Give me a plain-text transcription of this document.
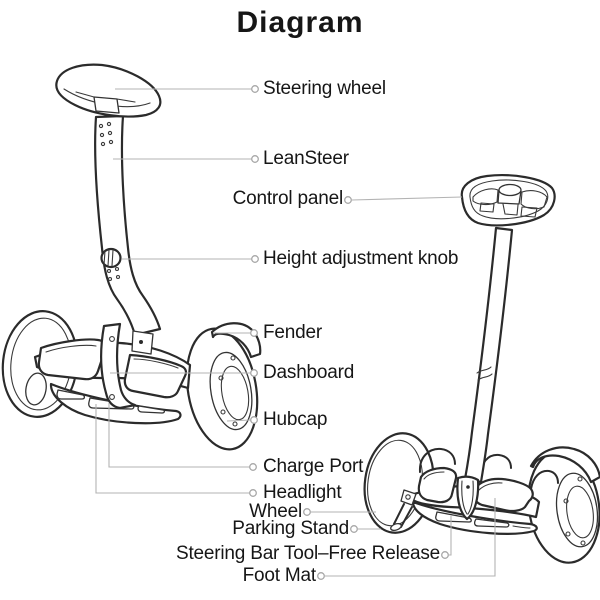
Diagram
Steering wheel
LeanSteer
Control panel
Height adjustment knob
Fender
Dashboard
Hubcap
Charge Port
Headlight
Wheel
Parking Stand
Steering Bar Tool–Free Release
Foot Mat
